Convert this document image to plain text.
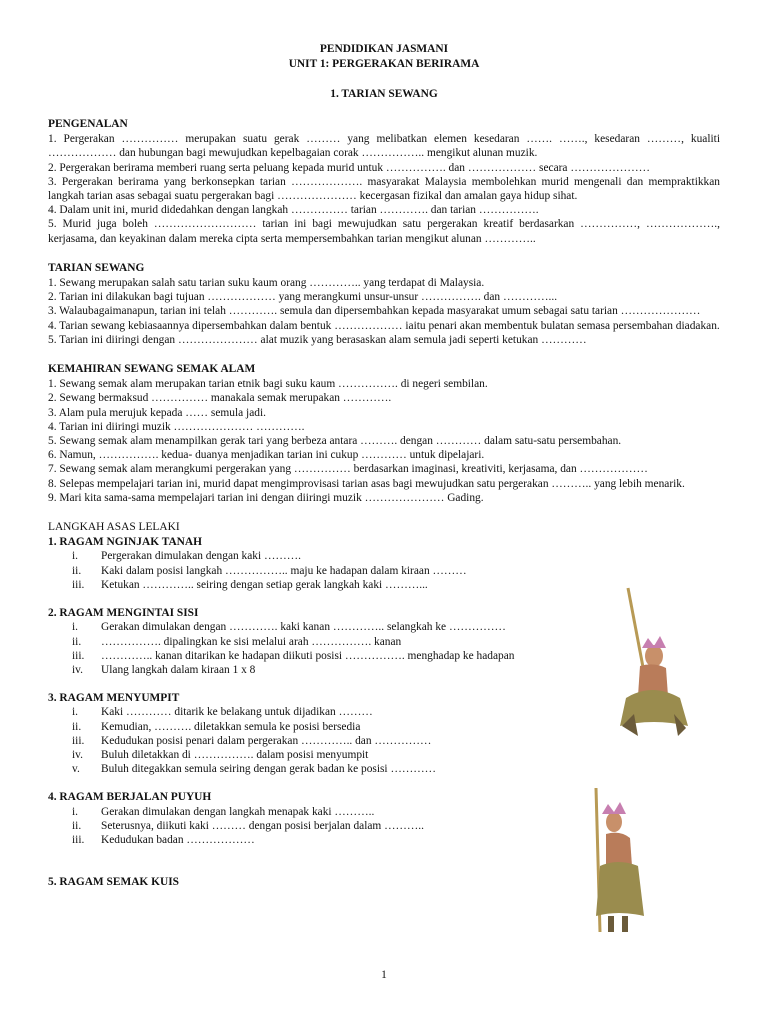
PENDIDIKAN JASMANI
UNIT 1: PERGERAKAN BERIRAMA
1. TARIAN SEWANG
PENGENALAN

1. Pergerakan …………… merupakan suatu gerak ……… yang melibatkan elemen kesedaran ……. ……., kesedaran ………, kualiti ……………… dan hubungan bagi mewujudkan kepelbagaian corak …………….. mengikut alunan muzik.

2. Pergerakan berirama memberi ruang serta peluang kepada murid untuk ……………. dan ……………… secara …………………

3. Pergerakan berirama yang berkonsepkan tarian ………………. masyarakat Malaysia membolehkan murid mengenali dan mempraktikkan langkah tarian asas sebagai suatu pergerakan bagi ………………… kecergasan fizikal dan amalan gaya hidup sihat.

4. Dalam unit ini, murid didedahkan dengan langkah …………… tarian …………. dan tarian …………….

5. Murid juga boleh ……………………… tarian ini bagi mewujudkan satu pergerakan kreatif berdasarkan ……………, ………………., kerjasama, dan keyakinan dalam mereka cipta serta mempersembahkan tarian mengikut alunan …………..

TARIAN SEWANG

1. Sewang merupakan salah satu tarian suku kaum orang ………….. yang terdapat di Malaysia.

2. Tarian ini dilakukan bagi tujuan ……………… yang merangkumi unsur-unsur ……………. dan …………...

3. Walaubagaimanapun, tarian ini telah …………. semula dan dipersembahkan kepada masyarakat umum sebagai satu tarian …………………

4. Tarian sewang kebiasaannya dipersembahkan dalam bentuk ……………… iaitu penari akan membentuk bulatan semasa persembahan diadakan.

5. Tarian ini diiringi dengan ………………… alat muzik yang berasaskan alam semula jadi seperti ketukan …………

KEMAHIRAN SEWANG SEMAK ALAM

1. Sewang semak alam merupakan tarian etnik bagi suku kaum ……………. di negeri sembilan.

2. Sewang bermaksud …………… manakala semak merupakan ………….

3. Alam pula merujuk kepada …… semula jadi.

4. Tarian ini diiringi muzik ………………… ………….

5. Sewang semak alam menampilkan gerak tari yang berbeza antara ………. dengan ………… dalam satu-satu persembahan.

6. Namun, ……………. kedua- duanya menjadikan tarian ini cukup ………… untuk dipelajari.

7. Sewang semak alam merangkumi pergerakan yang …………… berdasarkan imaginasi, kreativiti, kerjasama, dan ………………

8. Selepas mempelajari tarian ini, murid dapat mengimprovisasi tarian asas bagi mewujudkan satu pergerakan ……….. yang lebih menarik.

9. Mari kita sama-sama mempelajari tarian ini dengan diiringi muzik ………………… Gading.

LANGKAH ASAS LELAKI
1. RAGAM NGINJAK TANAH
i. Pergerakan dimulakan dengan kaki ……….
ii. Kaki dalam posisi langkah …………….. maju ke hadapan dalam kiraan ………
iii. Ketukan ………….. seiring dengan setiap gerak langkah kaki ………...
2. RAGAM MENGINTAI SISI
i. Gerakan dimulakan dengan …………. kaki kanan ………….. selangkah ke ……………
ii. ……………. dipalingkan ke sisi melalui arah ……………. kanan
iii. ………….. kanan ditarikan ke hadapan diikuti posisi ……………. menghadap ke hadapan
iv. Ulang langkah dalam kiraan 1 x 8
3. RAGAM MENYUMPIT
i. Kaki ………… ditarik ke belakang untuk dijadikan ………
ii. Kemudian, ………. diletakkan semula ke posisi bersedia
iii. Kedudukan posisi penari dalam pergerakan ………….. dan ……………
iv. Buluh diletakkan di ……………. dalam posisi menyumpit
v. Buluh ditegakkan semula seiring dengan gerak badan ke posisi …………
4. RAGAM BERJALAN PUYUH
i. Gerakan dimulakan dengan langkah menapak kaki ………..
ii. Seterusnya, diikuti kaki ……… dengan posisi berjalan dalam ………..
iii. Kedudukan badan ………………
5. RAGAM SEMAK KUIS
1
